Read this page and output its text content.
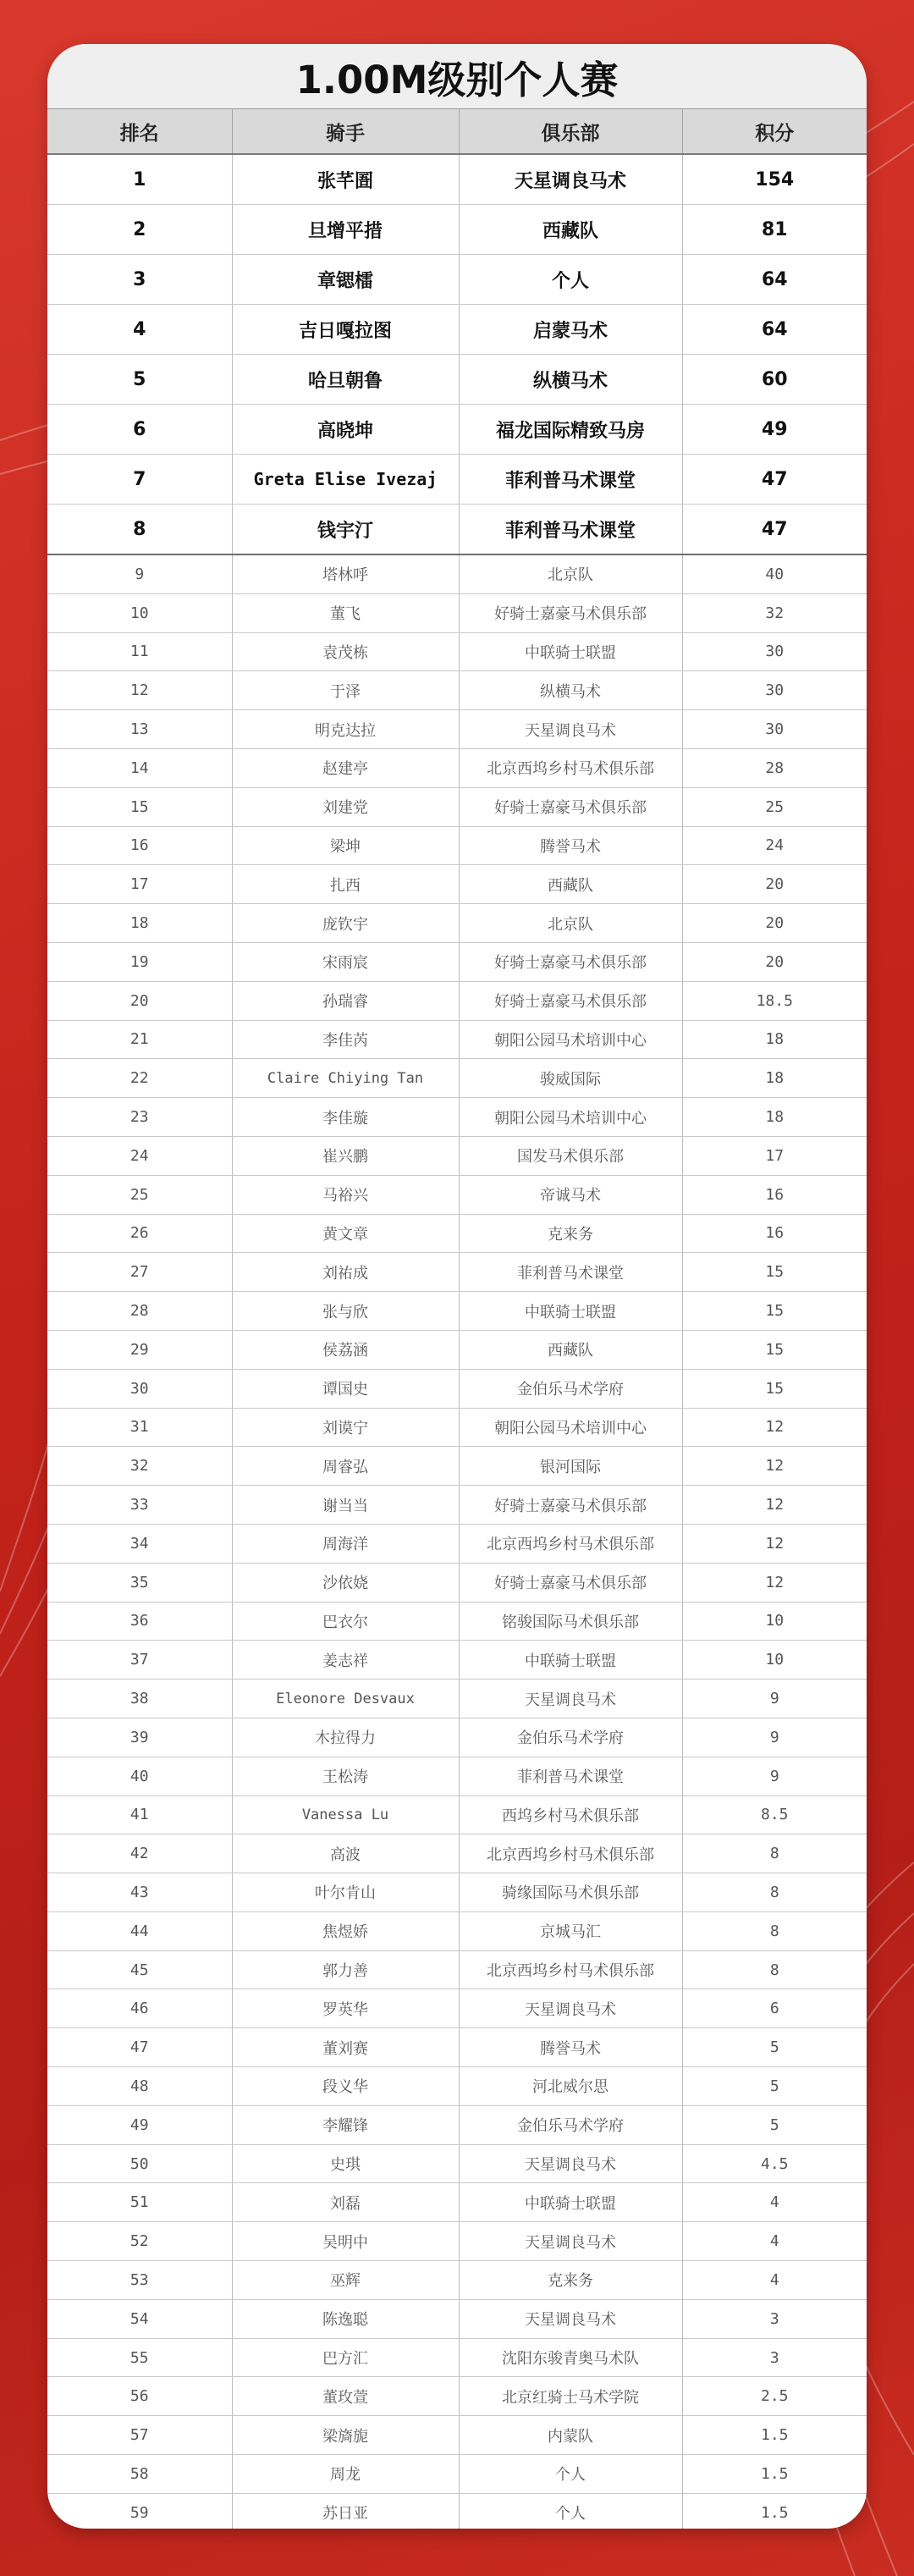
1.00M级别个人赛
排名	骑手	俱乐部	积分
1	张芊圄	天星调良马术	154
2	旦增平措	西藏队	81
3	章锶檑	个人	64
4	吉日嘎拉图	启蒙马术	64
5	哈旦朝鲁	纵横马术	60
6	高晓坤	福龙国际精致马房	49
7	Greta Elise Ivezaj	菲利普马术课堂	47
8	钱宇汀	菲利普马术课堂	47
9	塔林呼	北京队	40
10	董飞	好骑士嘉豪马术俱乐部	32
11	袁茂栋	中联骑士联盟	30
12	于泽	纵横马术	30
13	明克达拉	天星调良马术	30
14	赵建亭	北京西坞乡村马术俱乐部	28
15	刘建党	好骑士嘉豪马术俱乐部	25
16	梁坤	腾誉马术	24
17	扎西	西藏队	20
18	庞钦宇	北京队	20
19	宋雨宸	好骑士嘉豪马术俱乐部	20
20	孙瑞睿	好骑士嘉豪马术俱乐部	18.5
21	李佳芮	朝阳公园马术培训中心	18
22	Claire Chiying Tan	骏威国际	18
23	李佳璇	朝阳公园马术培训中心	18
24	崔兴鹏	国发马术俱乐部	17
25	马裕兴	帝诚马术	16
26	黄文章	克来务	16
27	刘祐成	菲利普马术课堂	15
28	张与欣	中联骑士联盟	15
29	侯荔涵	西藏队	15
30	谭国史	金伯乐马术学府	15
31	刘谟宁	朝阳公园马术培训中心	12
32	周睿弘	银河国际	12
33	谢当当	好骑士嘉豪马术俱乐部	12
34	周海洋	北京西坞乡村马术俱乐部	12
35	沙依娆	好骑士嘉豪马术俱乐部	12
36	巴衣尔	铭骏国际马术俱乐部	10
37	姜志祥	中联骑士联盟	10
38	Eleonore Desvaux	天星调良马术	9
39	木拉得力	金伯乐马术学府	9
40	王松涛	菲利普马术课堂	9
41	Vanessa Lu	西坞乡村马术俱乐部	8.5
42	高波	北京西坞乡村马术俱乐部	8
43	叶尔肯山	骑缘国际马术俱乐部	8
44	焦煜娇	京城马汇	8
45	郭力善	北京西坞乡村马术俱乐部	8
46	罗英华	天星调良马术	6
47	董刘赛	腾誉马术	5
48	段义华	河北威尔思	5
49	李耀锋	金伯乐马术学府	5
50	史琪	天星调良马术	4.5
51	刘磊	中联骑士联盟	4
52	吴明中	天星调良马术	4
53	巫辉	克来务	4
54	陈逸聪	天星调良马术	3
55	巴方汇	沈阳东骏青奥马术队	3
56	董玫萱	北京红骑士马术学院	2.5
57	梁旖旎	内蒙队	1.5
58	周龙	个人	1.5
59	苏日亚	个人	1.5
